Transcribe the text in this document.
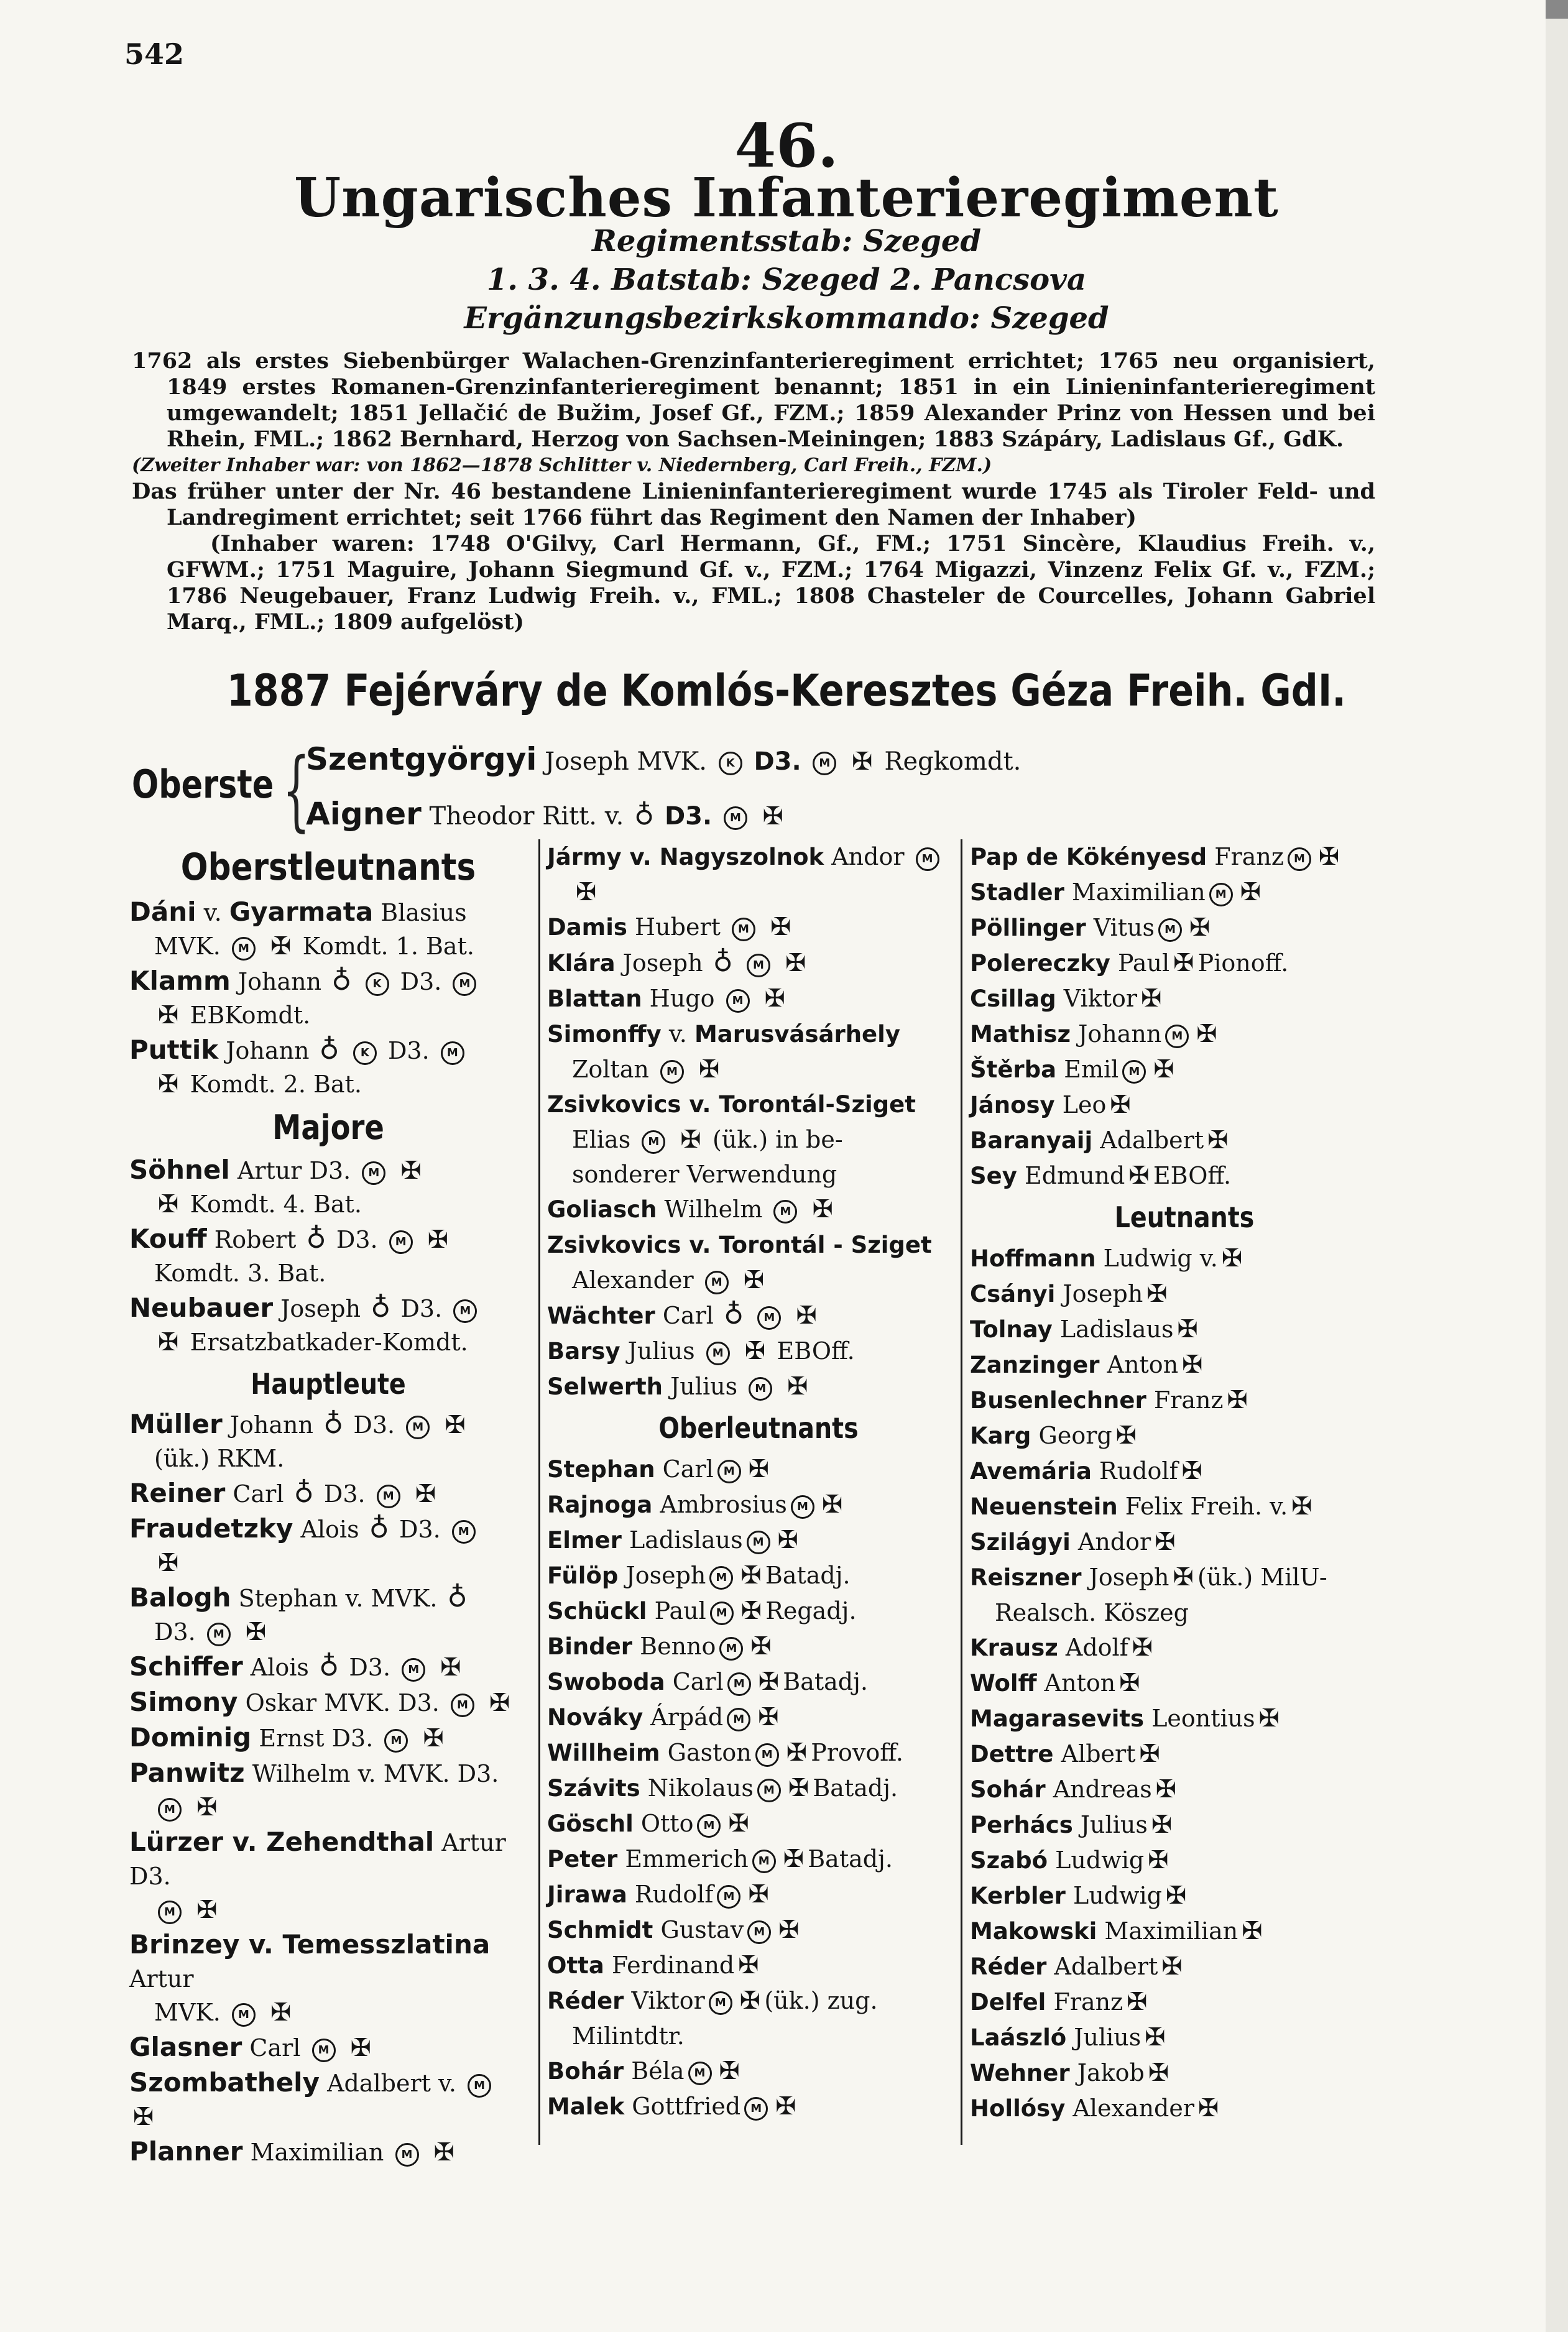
542
46.
Ungarisches Infanterieregiment
Regimentsstab: Szeged
1. 3. 4. Batstab: Szeged 2. Pancsova
Ergänzungsbezirkskommando: Szeged

1762 als erstes Siebenbürger Walachen-Grenzinfanterieregiment errichtet; 1765 neu organisiert, 1849 erstes Romanen-Grenzinfanterieregiment benannt; 1851 in ein Linieninfanterieregiment umgewandelt; 1851 Jellačić de Bužim, Josef Gf., FZM.; 1859 Alexander Prinz von Hessen und bei Rhein, FML.; 1862 Bernhard, Herzog von Sachsen-Meiningen; 1883 Szápáry, Ladislaus Gf., GdK.

(Zweiter Inhaber war: von 1862—1878 Schlitter v. Niedernberg, Carl Freih., FZM.)

Das früher unter der Nr. 46 bestandene Linieninfanterieregiment wurde 1745 als Tiroler Feld- und Landregiment errichtet; seit 1766 führt das Regiment den Namen der Inhaber)

(Inhaber waren: 1748 O'Gilvy, Carl Hermann, Gf., FM.; 1751 Sincère, Klaudius Freih. v., GFWM.; 1751 Maguire, Johann Siegmund Gf. v., FZM.; 1764 Migazzi, Vinzenz Felix Gf. v., FZM.; 1786 Neugebauer, Franz Ludwig Freih. v., FML.; 1808 Chasteler de Courcelles, Johann Gabriel Marq., FML.; 1809 aufgelöst)

1887 Fejérváry de Komlós-Keresztes Géza Freih. GdI.
Oberste {
Szentgyörgyi Joseph MVK. K D3. M ✠ Regkomdt.
Aigner Theodor Ritt. v. ♁ D3. M ✠
Oberstleutnants
Dáni v. Gyarmata Blasius
MVK. M ✠ Komdt. 1. Bat.
Klamm Johann ♁ K D3. M
✠ EBKomdt.
Puttik Johann ♁ K D3. M
✠ Komdt. 2. Bat.
Majore
Söhnel Artur D3. M ✠
✠ Komdt. 4. Bat.
Kouff Robert ♁ D3. M ✠
Komdt. 3. Bat.
Neubauer Joseph ♁ D3. M
✠ Ersatzbatkader-Komdt.
Hauptleute
Müller Johann ♁ D3. M ✠
(ük.) RKM.
Reiner Carl ♁ D3. M ✠
Fraudetzky Alois ♁ D3. M
✠
Balogh Stephan v. MVK. ♁
D3. M ✠
Schiffer Alois ♁ D3. M ✠
Simony Oskar MVK. D3. M ✠
Dominig Ernst D3. M ✠
Panwitz Wilhelm v. MVK. D3.
M ✠
Lürzer v. Zehendthal Artur D3.
M ✠
Brinzey v. Temesszlatina Artur
MVK. M ✠
Glasner Carl M ✠
Szombathely Adalbert v. M ✠
Planner Maximilian M ✠
Jármy v. Nagyszolnok Andor M
✠
Damis Hubert M ✠
Klára Joseph ♁ M ✠
Blattan Hugo M ✠
Simonffy v. Marusvásárhely
Zoltan M ✠
Zsivkovics v. Torontál-Sziget
Elias M ✠ (ük.) in be-
sonderer Verwendung
Goliasch Wilhelm M ✠
Zsivkovics v. Torontál - Sziget
Alexander M ✠
Wächter Carl ♁ M ✠
Barsy Julius M ✠ EBOff.
Selwerth Julius M ✠
Oberleutnants
Stephan Carl M ✠
Rajnoga Ambrosius M ✠
Elmer Ladislaus M ✠
Fülöp Joseph M ✠ Batadj.
Schückl Paul M ✠ Regadj.
Binder Benno M ✠
Swoboda Carl M ✠ Batadj.
Nováky Árpád M ✠
Willheim Gaston M ✠ Provoff.
Szávits Nikolaus M ✠ Batadj.
Göschl Otto M ✠
Peter Emmerich M ✠ Batadj.
Jirawa Rudolf M ✠
Schmidt Gustav M ✠
Otta Ferdinand ✠
Réder Viktor M ✠ (ük.) zug.
Milintdtr.
Bohár Béla M ✠
Malek Gottfried M ✠
Pap de Kökényesd Franz M ✠
Stadler Maximilian M ✠
Pöllinger Vitus M ✠
Polereczky Paul ✠ Pionoff.
Csillag Viktor ✠
Mathisz Johann M ✠
Štěrba Emil M ✠
Jánosy Leo ✠
Baranyaij Adalbert ✠
Sey Edmund ✠ EBOff.
Leutnants
Hoffmann Ludwig v. ✠
Csányi Joseph ✠
Tolnay Ladislaus ✠
Zanzinger Anton ✠
Busenlechner Franz ✠
Karg Georg ✠
Avemária Rudolf ✠
Neuenstein Felix Freih. v. ✠
Szilágyi Andor ✠
Reiszner Joseph ✠ (ük.) MilU-
Realsch. Köszeg
Krausz Adolf ✠
Wolff Anton ✠
Magarasevits Leontius ✠
Dettre Albert ✠
Sohár Andreas ✠
Perhács Julius ✠
Szabó Ludwig ✠
Kerbler Ludwig ✠
Makowski Maximilian ✠
Réder Adalbert ✠
Delfel Franz ✠
Laászló Julius ✠
Wehner Jakob ✠
Hollósy Alexander ✠
